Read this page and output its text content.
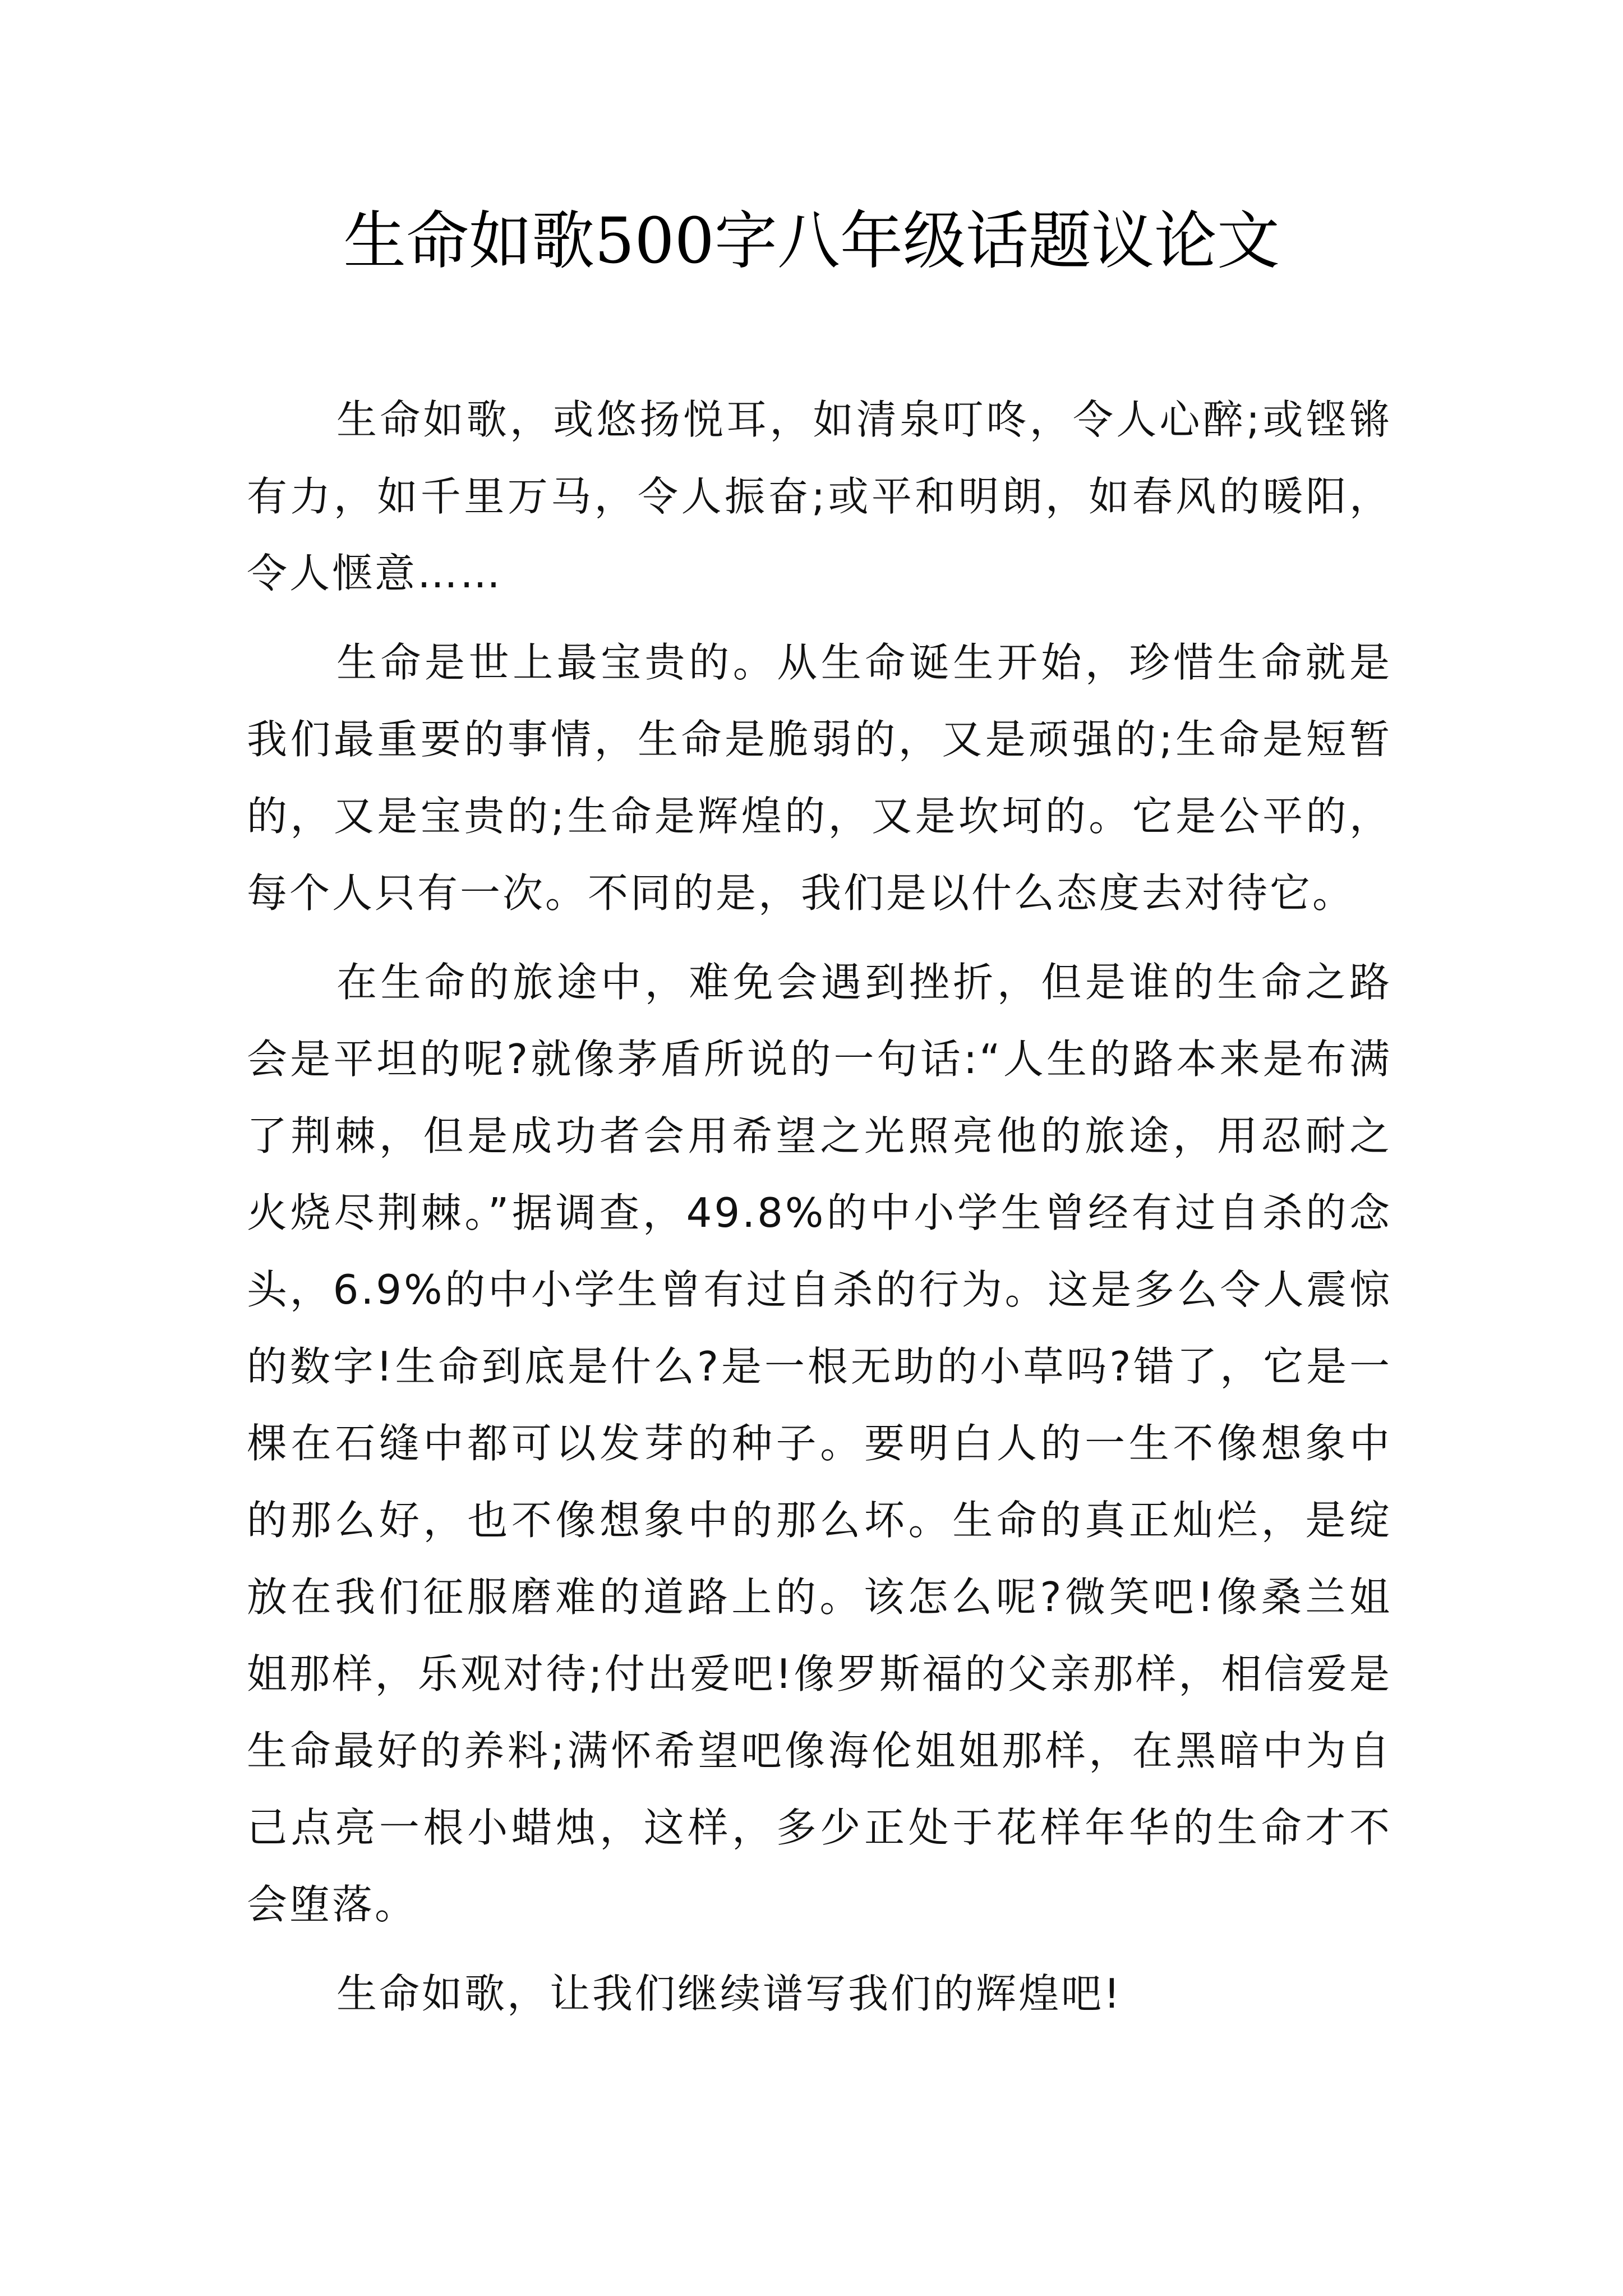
生命如歌500字八年级话题议论文

生命如歌，或悠扬悦耳，如清泉叮咚，令人心醉;或铿锵有力，如千里万马，令人振奋;或平和明朗，如春风的暖阳，令人惬意……

生命是世上最宝贵的。从生命诞生开始，珍惜生命就是我们最重要的事情，生命是脆弱的，又是顽强的;生命是短暂的，又是宝贵的;生命是辉煌的，又是坎坷的。它是公平的，每个人只有一次。不同的是，我们是以什么态度去对待它。

在生命的旅途中，难免会遇到挫折，但是谁的生命之路会是平坦的呢?就像茅盾所说的一句话:“人生的路本来是布满了荆棘，但是成功者会用希望之光照亮他的旅途，用忍耐之火烧尽荆棘。”据调查，49.8%的中小学生曾经有过自杀的念头，6.9%的中小学生曾有过自杀的行为。这是多么令人震惊的数字!生命到底是什么?是一根无助的小草吗?错了，它是一棵在石缝中都可以发芽的种子。要明白人的一生不像想象中的那么好，也不像想象中的那么坏。生命的真正灿烂，是绽放在我们征服磨难的道路上的。该怎么呢?微笑吧!像桑兰姐姐那样，乐观对待;付出爱吧!像罗斯福的父亲那样，相信爱是生命最好的养料;满怀希望吧像海伦姐姐那样，在黑暗中为自己点亮一根小蜡烛，这样，多少正处于花样年华的生命才不会堕落。

生命如歌，让我们继续谱写我们的辉煌吧!
